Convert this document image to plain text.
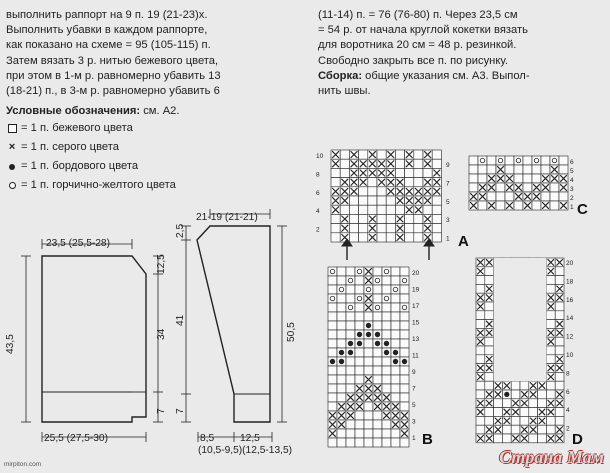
выполнить раппорт на 9 п. 19 (21-23)х.

Выполнить убавки в каждом раппорте,

как показано на схеме = 95 (105-115) п.

Затем вязать 3 р. нитью бежевого цвета,

при этом в 1-м р. равномерно убавить 13

(18-21) п., в 3-м р. равномерно убавить 6

Условные обозначения: см. А2.
= 1 п. бежевого цвета
× = 1 п. серого цвета
= 1 п. бордового цвета
= 1 п. горчично-желтого цвета

(11-14) п. = 76 (76-80) п. Через 23,5 см

= 54 р. от начала круглой кокетки вязать

для воротника 20 см = 48 р. резинкой.

Свободно закрыть все п. по рисунку.

Сборка: общие указания см. А3. Выпол-

нить швы.

23,5 (25,5-28)
43,5
12,5
34
7
25,5 (27,5-30)
21-19 (21-21)
2,5
41
7
50,5
8,5	12,5
(10,5-9,5)(12,5-13,5)
10
8
6
4
2
9
7
5
3
1
20
19
17
15
13
11
9
7
5
3
1
6
5
4
3
2
1
20
18
16
14
12
10
8
6
4
2
A
B
C
D
mirpiton.com	Страна Мам
